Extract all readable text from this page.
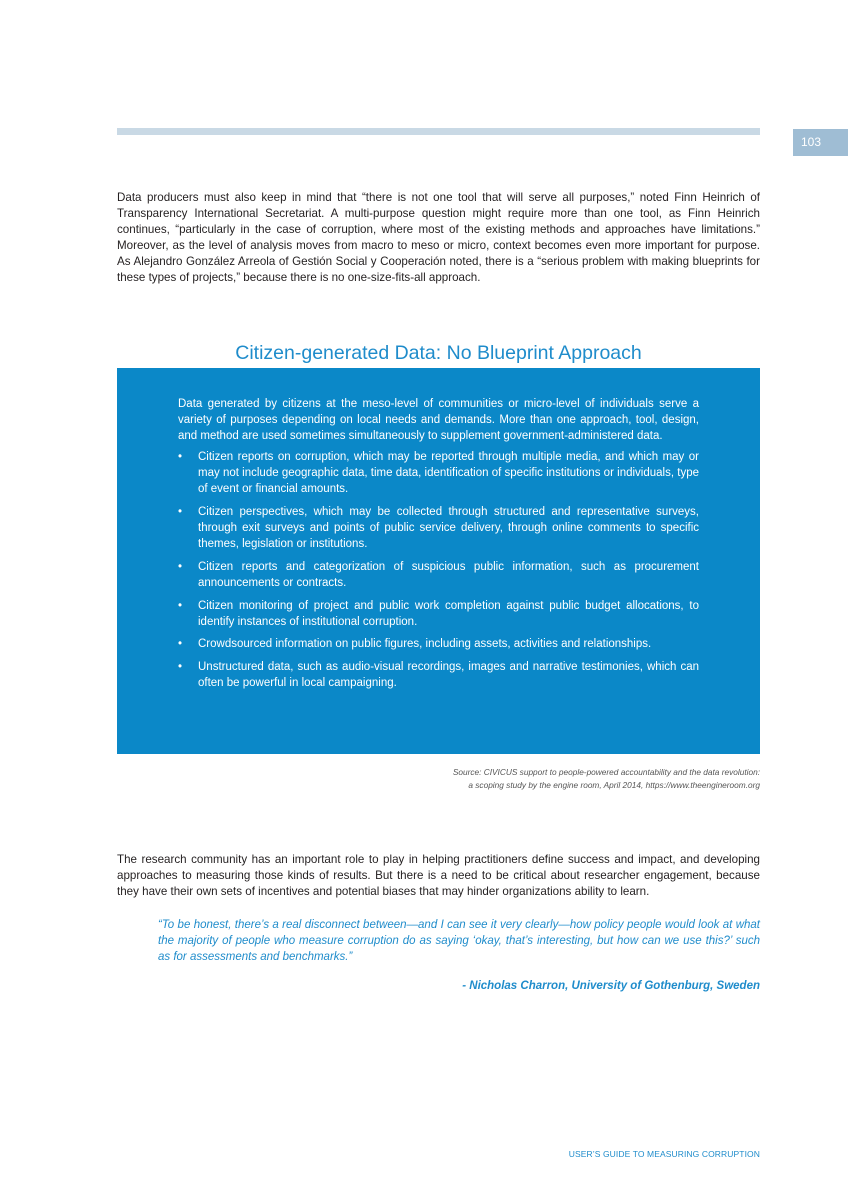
103

Data producers must also keep in mind that “there is not one tool that will serve all purposes,” noted Finn Heinrich of Transparency International Secretariat. A multi-purpose question might require more than one tool, as Finn Heinrich continues, “particularly in the case of corruption, where most of the existing methods and approaches have limitations.” Moreover, as the level of analysis moves from macro to meso or micro, context becomes even more important for purpose. As Alejandro González Arreola of Gestión Social y Cooperación noted, there is a “serious problem with making blueprints for these types of projects,” because there is no one-size-fits-all approach.

Citizen-generated Data: No Blueprint Approach

Data generated by citizens at the meso-level of communities or micro-level of individuals serve a variety of purposes depending on local needs and demands. More than one approach, tool, design, and method are used sometimes simultaneously to supplement government-administered data.

• Citizen reports on corruption, which may be reported through multiple media, and which may or may not include geographic data, time data, identification of specific institutions or individuals, type of event or financial amounts.
• Citizen perspectives, which may be collected through structured and representative surveys, through exit surveys and points of public service delivery, through online comments to specific themes, legislation or institutions.
• Citizen reports and categorization of suspicious public information, such as procurement announcements or contracts.
• Citizen monitoring of project and public work completion against public budget allocations, to identify instances of institutional corruption.
• Crowdsourced information on public figures, including assets, activities and relationships.
• Unstructured data, such as audio-visual recordings, images and narrative testimonies, which can often be powerful in local campaigning.
Source: CIVICUS support to people-powered accountability and the data revolution:
a scoping study by the engine room, April 2014, https://www.theengineroom.org

The research community has an important role to play in helping practitioners define success and impact, and developing approaches to measuring those kinds of results. But there is a need to be critical about researcher engagement, because they have their own sets of incentives and potential biases that may hinder organizations ability to learn.

“To be honest, there’s a real disconnect between—and I can see it very clearly—how policy people would look at what the majority of people who measure corruption do as saying ‘okay, that’s interesting, but how can we use this?’ such as for assessments and benchmarks.”

- Nicholas Charron, University of Gothenburg, Sweden
USER’S GUIDE TO MEASURING CORRUPTION
